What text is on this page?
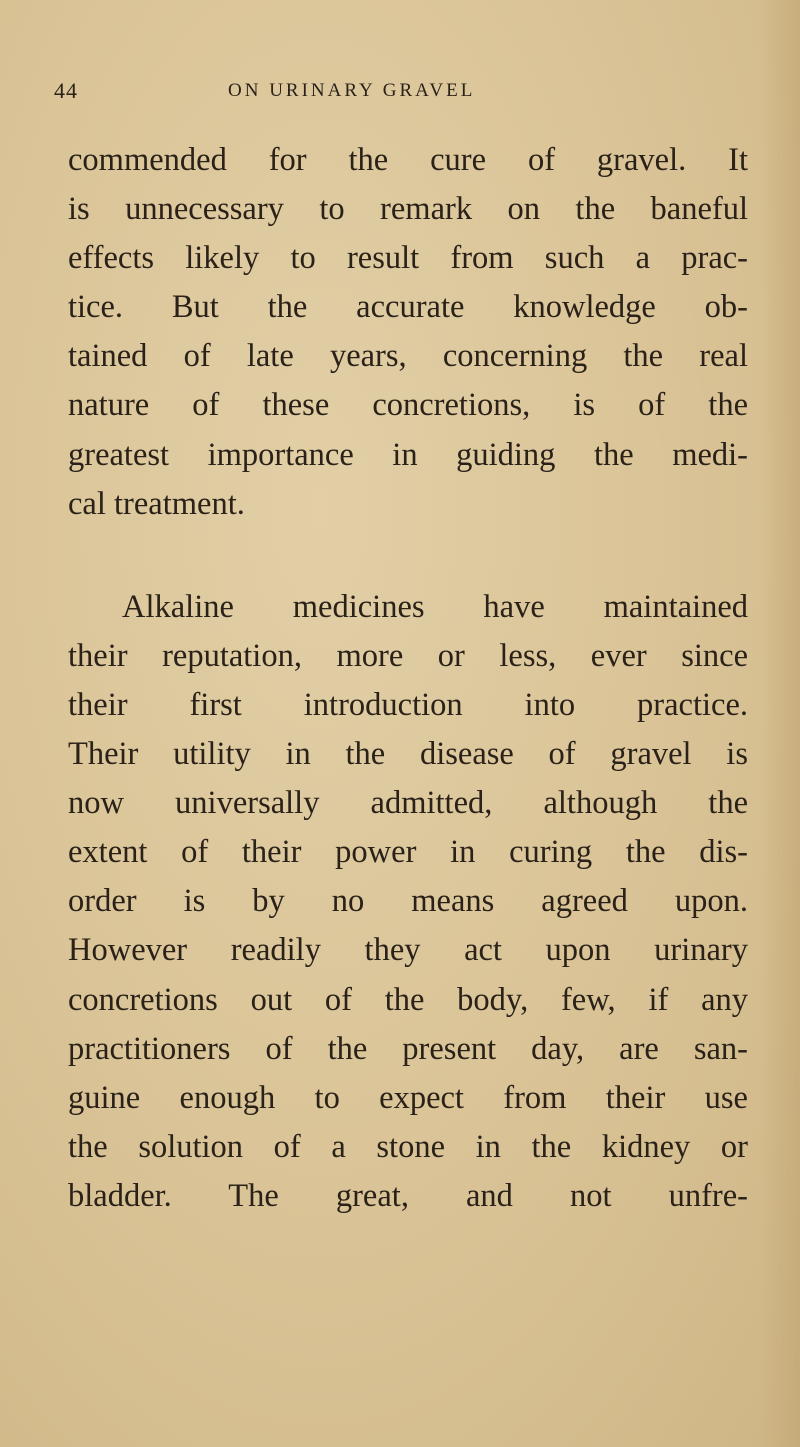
44	ON URINARY GRAVEL
commended for the cure of gravel. It
is unnecessary to remark on the baneful
effects likely to result from such a prac-
tice. But the accurate knowledge ob-
tained of late years, concerning the real
nature of these concretions, is of the
greatest importance in guiding the medi-
cal treatment.
Alkaline medicines have maintained
their reputation, more or less, ever since
their first introduction into practice.
Their utility in the disease of gravel is
now universally admitted, although the
extent of their power in curing the dis-
order is by no means agreed upon.
However readily they act upon urinary
concretions out of the body, few, if any
practitioners of the present day, are san-
guine enough to expect from their use
the solution of a stone in the kidney or
bladder. The great, and not unfre-
